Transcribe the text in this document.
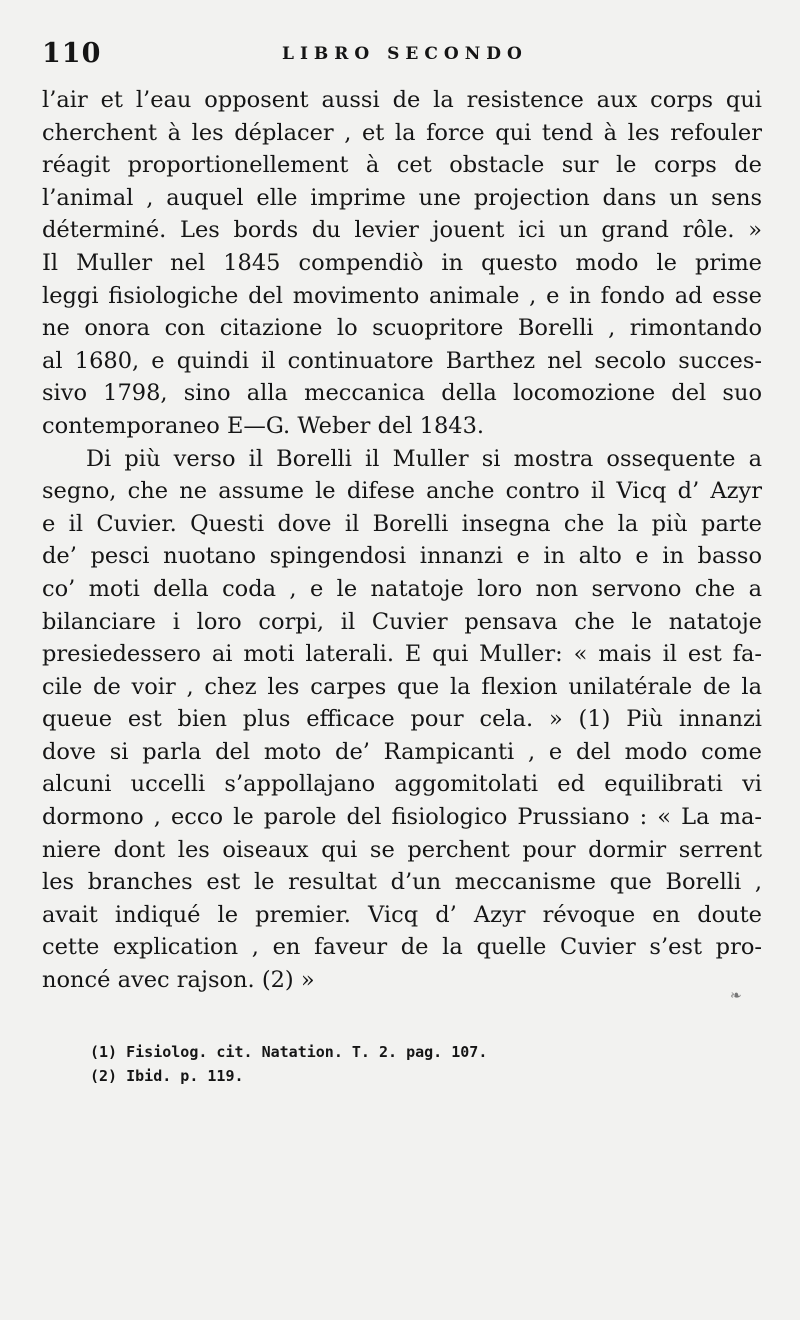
110	LIBRO SECONDO
l’air et l’eau opposent aussi de la resistence aux corps qui
cherchent à les déplacer , et la force qui tend à les refouler
réagit proportionellement à cet obstacle sur le corps de
l’animal , auquel elle imprime une projection dans un sens
déterminé. Les bords du levier jouent ici un grand rôle. »
Il Muller nel 1845 compendiò in questo modo le prime
leggi fisiologiche del movimento animale , e in fondo ad esse
ne onora con citazione lo scuopritore Borelli , rimontando
al 1680, e quindi il continuatore Barthez nel secolo succes-
sivo 1798, sino alla meccanica della locomozione del suo
contemporaneo E—G. Weber del 1843.
Di più verso il Borelli il Muller si mostra ossequente a
segno, che ne assume le difese anche contro il Vicq d’ Azyr
e il Cuvier. Questi dove il Borelli insegna che la più parte
de’ pesci nuotano spingendosi innanzi e in alto e in basso
co’ moti della coda , e le natatoje loro non servono che a
bilanciare i loro corpi, il Cuvier pensava che le natatoje
presiedessero ai moti laterali. E qui Muller: « mais il est fa-
cile de voir , chez les carpes que la flexion unilatérale de la
queue est bien plus efficace pour cela. » (1) Più innanzi
dove si parla del moto de’ Rampicanti , e del modo come
alcuni uccelli s’appollajano aggomitolati ed equilibrati vi
dormono , ecco le parole del fisiologico Prussiano : « La ma-
niere dont les oiseaux qui se perchent pour dormir serrent
les branches est le resultat d’un meccanisme que Borelli ,
avait indiqué le premier. Vicq d’ Azyr révoque en doute
cette explication , en faveur de la quelle Cuvier s’est pro-
noncé avec rajson. (2) »
❧
(1) Fisiolog. cit. Natation. T. 2. pag. 107.
(2) Ibid. p. 119.
